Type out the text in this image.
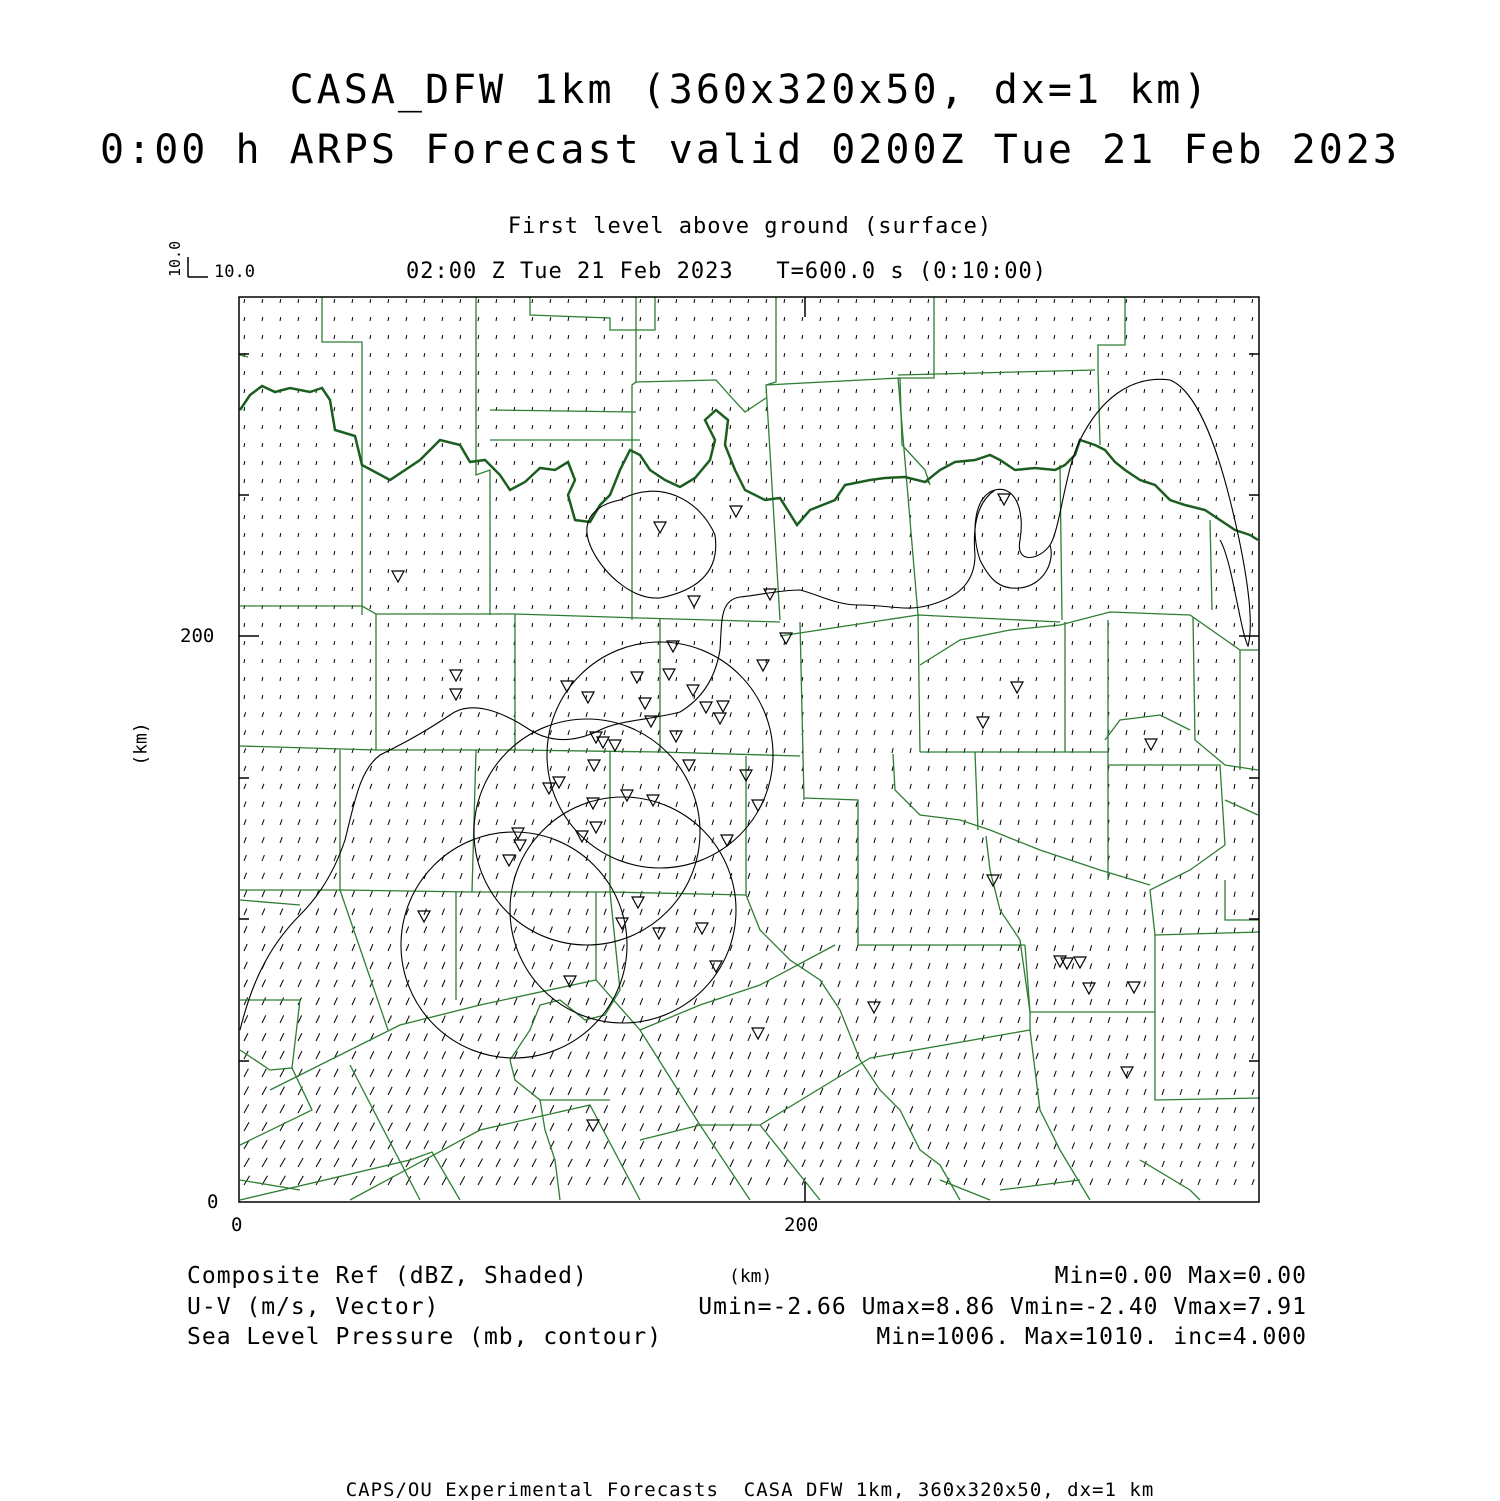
CASA_DFW 1km (360x320x50, dx=1 km)
0:00 h ARPS Forecast valid 0200Z Tue 21 Feb 2023
First level above ground (surface)
02:00 Z Tue 21 Feb 2023   T=600.0 s (0:10:00)
10.0 10.0
200
0
0	200
(km)
(km)
Composite Ref (dBZ, Shaded)
U-V (m/s, Vector)
Sea Level Pressure (mb, contour)
Min=0.00 Max=0.00
Umin=-2.66 Umax=8.86 Vmin=-2.40 Vmax=7.91
Min=1006. Max=1010. inc=4.000
CAPS/OU Experimental Forecasts  CASA DFW 1km, 360x320x50, dx=1 km
